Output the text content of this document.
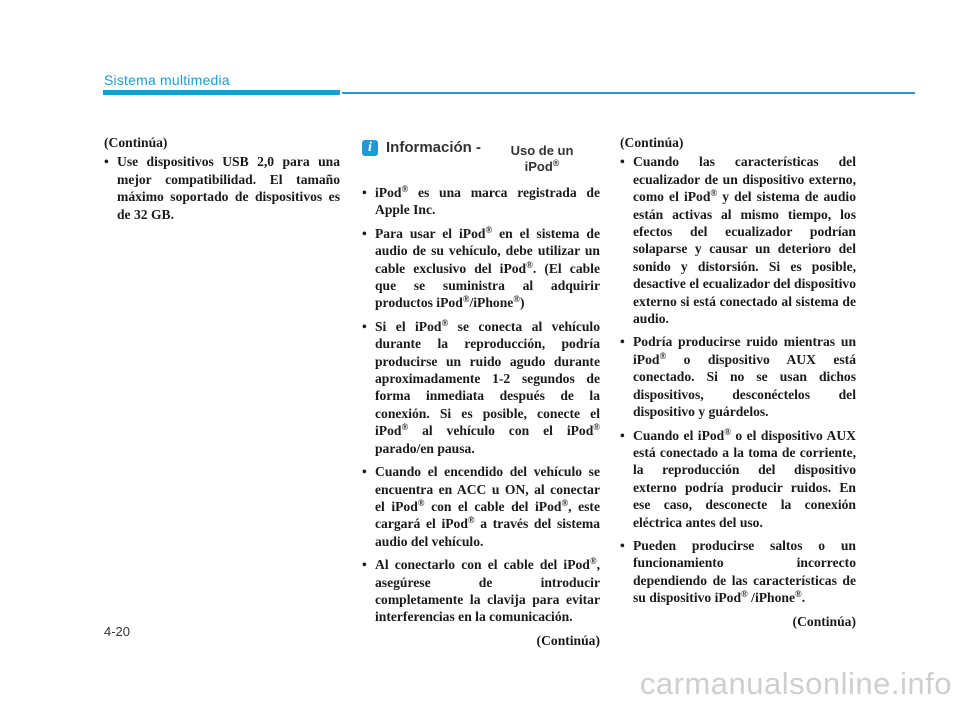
Sistema multimedia
(Continúa)
• Use dispositivos USB 2,0 para una mejor compatibilidad. El tamaño máximo soportado de dispositivos es de 32 GB.
i Información -	Uso de un iPod®
• iPod® es una marca registrada de Apple Inc.
• Para usar el iPod® en el sistema de audio de su vehículo, debe utilizar un cable exclusivo del iPod®. (El cable que se suministra al adquirir productos iPod®/iPhone®)
• Si el iPod® se conecta al vehículo durante la reproducción, podría producirse un ruido agudo durante aproximadamente 1-2 segundos de forma inmediata después de la conexión. Si es posible, conecte el iPod® al vehículo con el iPod® parado/en pausa.
• Cuando el encendido del vehículo se encuentra en ACC u ON, al conectar el iPod® con el cable del iPod®, este cargará el iPod® a través del sistema audio del vehículo.
• Al conectarlo con el cable del iPod®, asegúrese de introducir completamente la clavija para evitar interferencias en la comunicación.
(Continúa)
(Continúa)
• Cuando las características del ecualizador de un dispositivo externo, como el iPod® y del sistema de audio están activas al mismo tiempo, los efectos del ecualizador podrían solaparse y causar un deterioro del sonido y distorsión. Si es posible, desactive el ecualizador del dispositivo externo si está conectado al sistema de audio.
• Podría producirse ruido mientras un iPod® o dispositivo AUX está conectado. Si no se usan dichos dispositivos, desconéctelos del dispositivo y guárdelos.
• Cuando el iPod® o el dispositivo AUX está conectado a la toma de corriente, la reproducción del dispositivo externo podría producir ruidos. En ese caso, desconecte la conexión eléctrica antes del uso.
• Pueden producirse saltos o un funcionamiento incorrecto dependiendo de las características de su dispositivo iPod® /iPhone®.
(Continúa)
4-20
carmanualsonline.info
